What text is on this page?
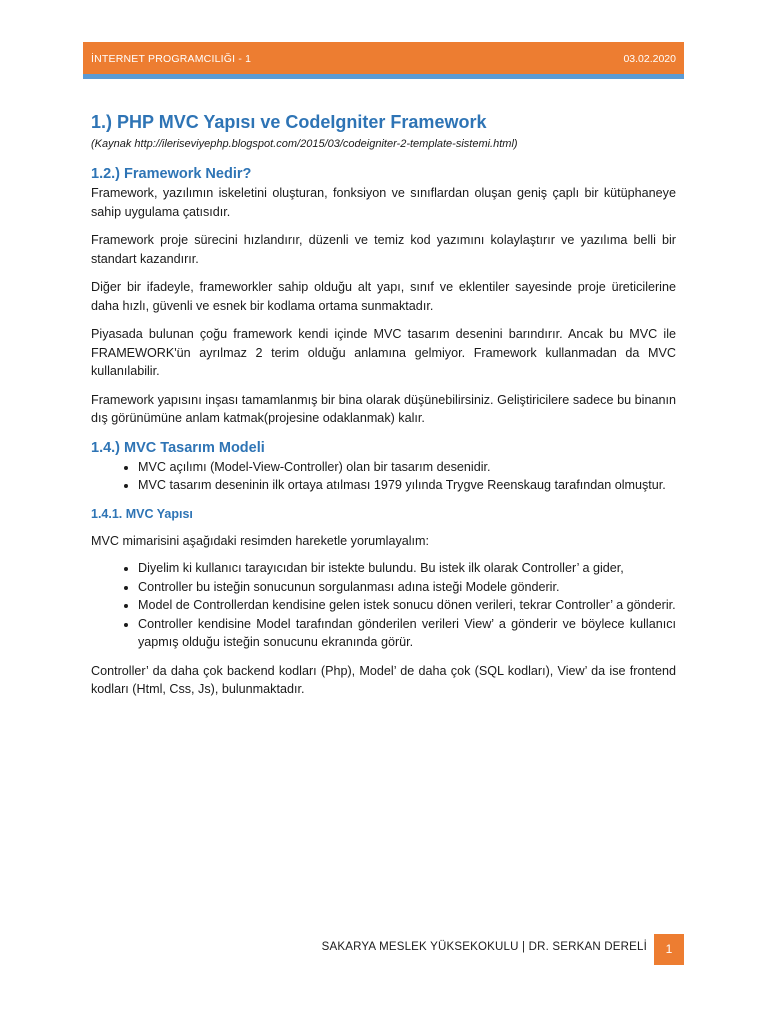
İNTERNET PROGRAMCILIĞI - 1	03.02.2020
1.) PHP MVC Yapısı ve CodeIgniter Framework

(Kaynak http://ileriseviyephp.blogspot.com/2015/03/codeigniter-2-template-sistemi.html)

1.2.) Framework Nedir?

Framework, yazılımın iskeletini oluşturan, fonksiyon ve sınıflardan oluşan geniş çaplı bir kütüphaneye sahip uygulama çatısıdır.

Framework proje sürecini hızlandırır, düzenli ve temiz kod yazımını kolaylaştırır ve yazılıma belli bir standart kazandırır.

Diğer bir ifadeyle, frameworkler sahip olduğu alt yapı, sınıf ve eklentiler sayesinde proje üreticilerine daha hızlı, güvenli ve esnek bir kodlama ortama sunmaktadır.

Piyasada bulunan çoğu framework kendi içinde MVC tasarım desenini barındırır. Ancak bu MVC ile FRAMEWORK'ün ayrılmaz 2 terim olduğu anlamına gelmiyor. Framework kullanmadan da MVC kullanılabilir.

Framework yapısını inşası tamamlanmış bir bina olarak düşünebilirsiniz. Geliştiricilere sadece bu binanın dış görünümüne anlam katmak(projesine odaklanmak) kalır.

1.4.) MVC Tasarım Modeli
• MVC açılımı (Model-View-Controller) olan bir tasarım desenidir.
• MVC tasarım deseninin ilk ortaya atılması 1979 yılında Trygve Reenskaug tarafından olmuştur.
1.4.1. MVC Yapısı

MVC mimarisini aşağıdaki resimden hareketle yorumlayalım:

• Diyelim ki kullanıcı tarayıcıdan bir istekte bulundu. Bu istek ilk olarak Controller’ a gider,
• Controller bu isteğin sonucunun sorgulanması adına isteği Modele gönderir.
• Model de Controllerdan kendisine gelen istek sonucu dönen verileri, tekrar Controller’ a gönderir.
• Controller kendisine Model tarafından gönderilen verileri View’ a gönderir ve böylece kullanıcı yapmış olduğu isteğin sonucunu ekranında görür.

Controller’ da daha çok backend kodları (Php), Model’ de daha çok (SQL kodları), View’ da ise frontend kodları (Html, Css, Js), bulunmaktadır.

SAKARYA MESLEK YÜKSEKOKULU | DR. SERKAN DERELİ	1
